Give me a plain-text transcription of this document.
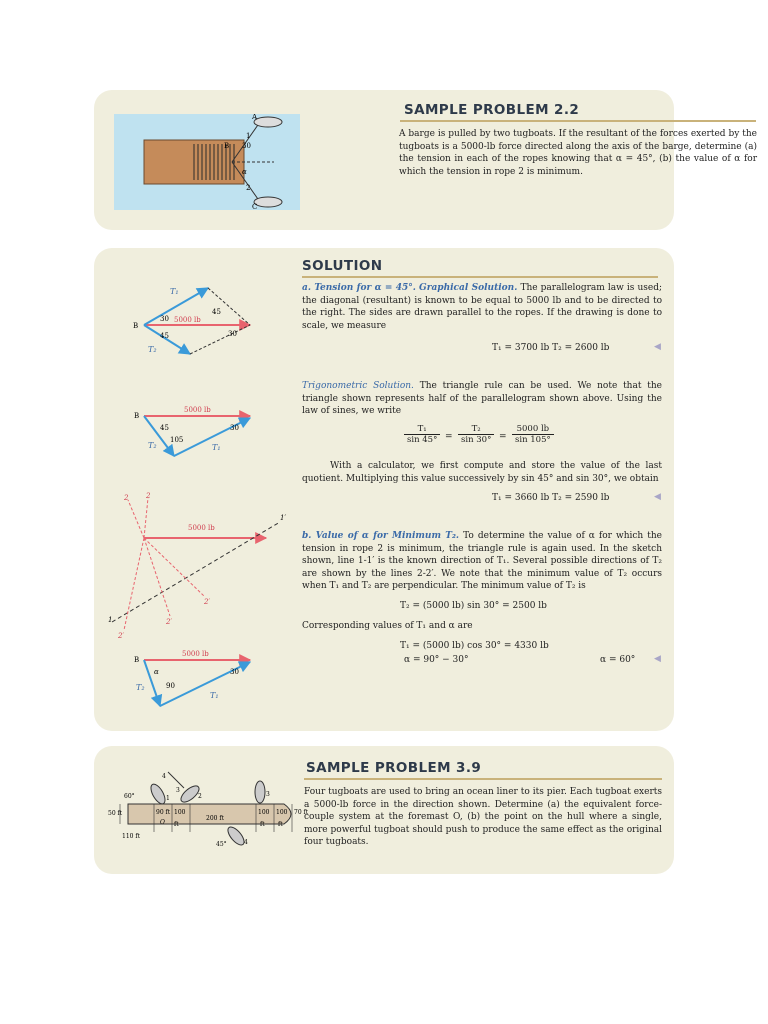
B
A
C
1
2
30
α
SAMPLE PROBLEM 2.2

A barge is pulled by two tugboats. If the resultant of the forces exerted by the tugboats is a 5000-lb force directed along the axis of the barge, determine (a) the tension in each of the ropes knowing that α = 45°, (b) the value of α for which the tension in rope 2 is minimum.

SOLUTION
B
T₁
T₂
5000 lb
30
45
45
30
a. Tension for α = 45°. Graphical Solution. The parallelogram law is used; the diagonal (resultant) is known to be equal to 5000 lb and to be directed to the right. The sides are drawn parallel to the ropes. If the drawing is done to scale, we measure
T₁ = 3700 lb T₂ = 2600 lb	◀
B
5000 lb
45	30
105
T₂	T₁
Trigonometric Solution. The triangle rule can be used. We note that the triangle shown represents half of the parallelogram shown above. Using the law of sines, we write
T₁
sin 45° =
T₂
sin 30° =
5000 lb
sin 105°
With a calculator, we first compute and store the value of the last quotient. Multiplying this value successively by sin 45° and sin 30°, we obtain
T₁ = 3660 lb T₂ = 2590 lb	◀
5000 lb
1
1′
2	2
2′
2′
2′
b. Value of α for Minimum T₂. To determine the value of α for which the tension in rope 2 is minimum, the triangle rule is again used. In the sketch shown, line 1-1′ is the known direction of T₁. Several possible directions of T₂ are shown by the lines 2-2′. We note that the minimum value of T₂ occurs when T₁ and T₂ are perpendicular. The minimum value of T₂ is
T₂ = (5000 lb) sin 30° = 2500 lb
Corresponding values of T₁ and α are
T₁ = (5000 lb) cos 30° = 4330 lb
α = 90° − 30°	α = 60° ◀
B
5000 lb
α	30
90
T₂
T₁
4
3
60°
50 ft
110 ft
90 ft 100
O ft
200 ft
100 100
ft ft
70 ft
45°
1	2	3
4
SAMPLE PROBLEM 3.9

Four tugboats are used to bring an ocean liner to its pier. Each tugboat exerts a 5000-lb force in the direction shown. Determine (a) the equivalent force-couple system at the foremast O, (b) the point on the hull where a single, more powerful tugboat should push to produce the same effect as the original four tugboats.
